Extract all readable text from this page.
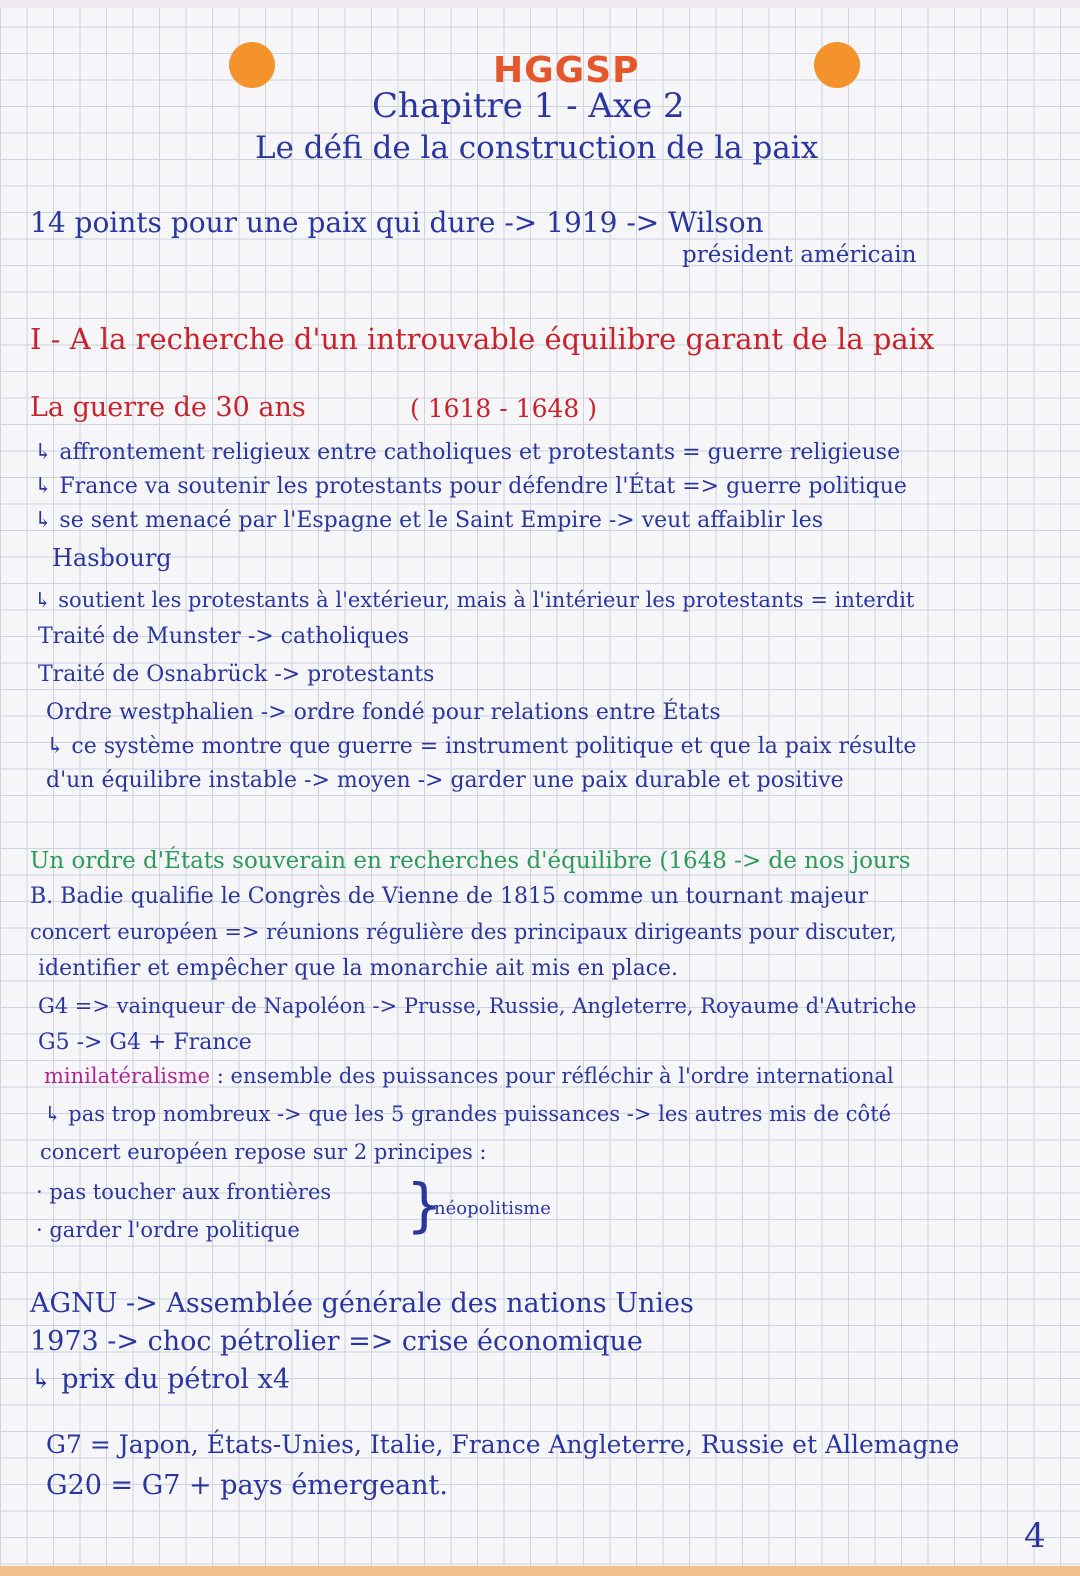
HGGSP
Chapitre 1 - Axe 2
Le défi de la construction de la paix
14 points pour une paix qui dure -> 1919 -> Wilson
président américain
I - A la recherche d'un introuvable équilibre garant de la paix
La guerre de 30 ans	( 1618 - 1648 )
↳ affrontement religieux entre catholiques et protestants = guerre religieuse
↳ France va soutenir les protestants pour défendre l'État => guerre politique
↳ se sent menacé par l'Espagne et le Saint Empire -> veut affaiblir les
Hasbourg
↳ soutient les protestants à l'extérieur, mais à l'intérieur les protestants = interdit
Traité de Munster -> catholiques
Traité de Osnabrück -> protestants
Ordre westphalien -> ordre fondé pour relations entre États
↳ ce système montre que guerre = instrument politique et que la paix résulte
d'un équilibre instable -> moyen -> garder une paix durable et positive
Un ordre d'États souverain en recherches d'équilibre (1648 -> de nos jours
B. Badie qualifie le Congrès de Vienne de 1815 comme un tournant majeur
concert européen => réunions régulière des principaux dirigeants pour discuter,
identifier et empêcher que la monarchie ait mis en place.
G4 => vainqueur de Napoléon -> Prusse, Russie, Angleterre, Royaume d'Autriche
G5 -> G4 + France
minilatéralisme : ensemble des puissances pour réfléchir à l'ordre international
↳ pas trop nombreux -> que les 5 grandes puissances -> les autres mis de côté
concert européen repose sur 2 principes :
· pas toucher aux frontières
· garder l'ordre politique }
néopolitisme
AGNU -> Assemblée générale des nations Unies
1973 -> choc pétrolier => crise économique
↳ prix du pétrol x4
G7 = Japon, États-Unies, Italie, France Angleterre, Russie et Allemagne
G20 = G7 + pays émergeant.
4
